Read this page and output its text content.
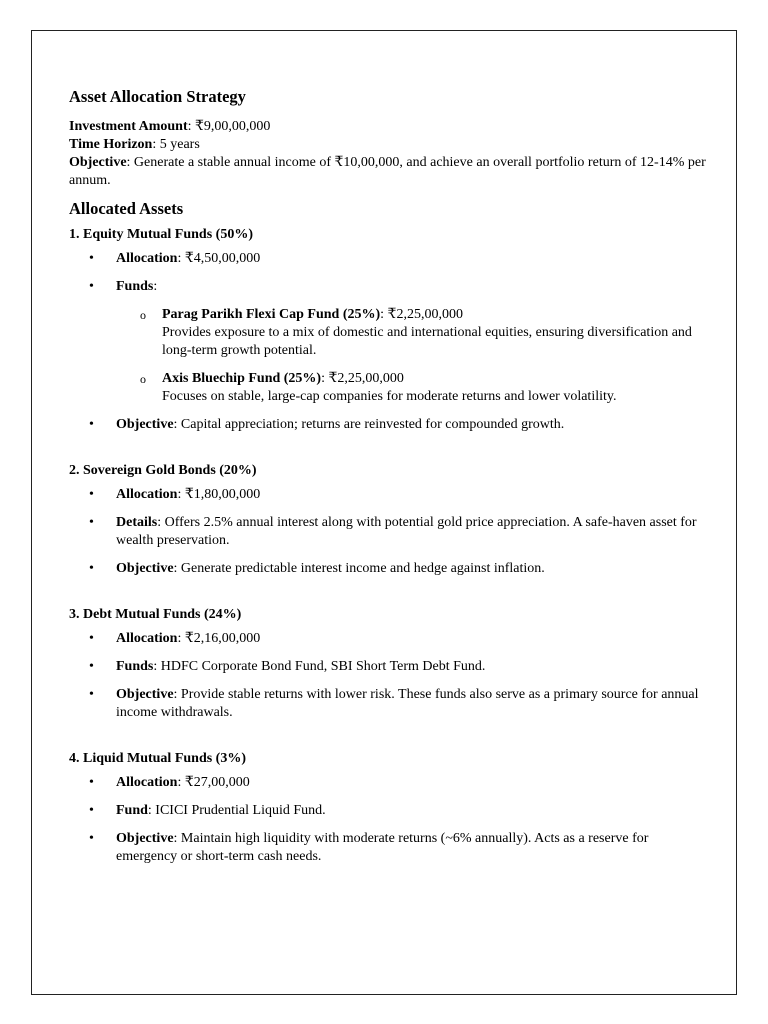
Asset Allocation Strategy

Investment Amount: ₹9,00,00,000

Time Horizon: 5 years

Objective: Generate a stable annual income of ₹10,00,000, and achieve an overall portfolio return of 12-14% per annum.

Allocated Assets

1. Equity Mutual Funds (50%)

• Allocation: ₹4,50,00,000
• Funds:
o Parag Parikh Flexi Cap Fund (25%): ₹2,25,00,000
Provides exposure to a mix of domestic and international equities, ensuring diversification and long-term growth potential.
o Axis Bluechip Fund (25%): ₹2,25,00,000
Focuses on stable, large-cap companies for moderate returns and lower volatility.
• Objective: Capital appreciation; returns are reinvested for compounded growth.

2. Sovereign Gold Bonds (20%)

• Allocation: ₹1,80,00,000
• Details: Offers 2.5% annual interest along with potential gold price appreciation. A safe-haven asset for wealth preservation.
• Objective: Generate predictable interest income and hedge against inflation.

3. Debt Mutual Funds (24%)

• Allocation: ₹2,16,00,000
• Funds: HDFC Corporate Bond Fund, SBI Short Term Debt Fund.
• Objective: Provide stable returns with lower risk. These funds also serve as a primary source for annual income withdrawals.

4. Liquid Mutual Funds (3%)

• Allocation: ₹27,00,000
• Fund: ICICI Prudential Liquid Fund.
• Objective: Maintain high liquidity with moderate returns (~6% annually). Acts as a reserve for emergency or short-term cash needs.
